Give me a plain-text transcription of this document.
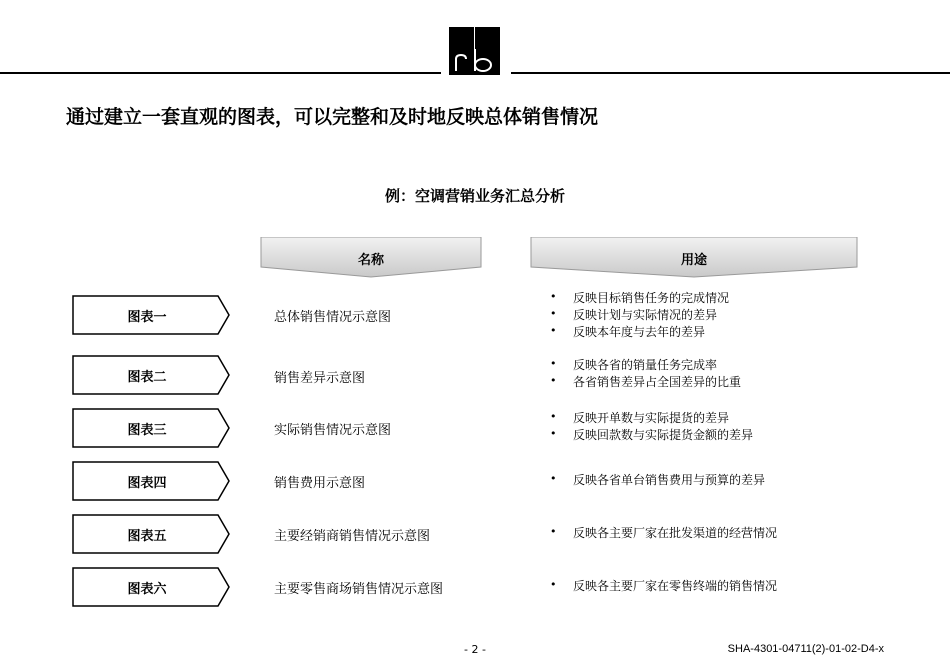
通过建立一套直观的图表，可以完整和及时地反映总体销售情况
例：空调营销业务汇总分析
名称	用途
图表一	总体销售情况示意图
• 反映目标销售任务的完成情况
• 反映计划与实际情况的差异
• 反映本年度与去年的差异
图表二	销售差异示意图
• 反映各省的销量任务完成率
• 各省销售差异占全国差异的比重
图表三	实际销售情况示意图
• 反映开单数与实际提货的差异
• 反映回款数与实际提货金额的差异
图表四	销售费用示意图	• 反映各省单台销售费用与预算的差异
图表五	主要经销商销售情况示意图	• 反映各主要厂家在批发渠道的经营情况
图表六	主要零售商场销售情况示意图	• 反映各主要厂家在零售终端的销售情况
- 2 -	SHA-4301-04711(2)-01-02-D4-x
